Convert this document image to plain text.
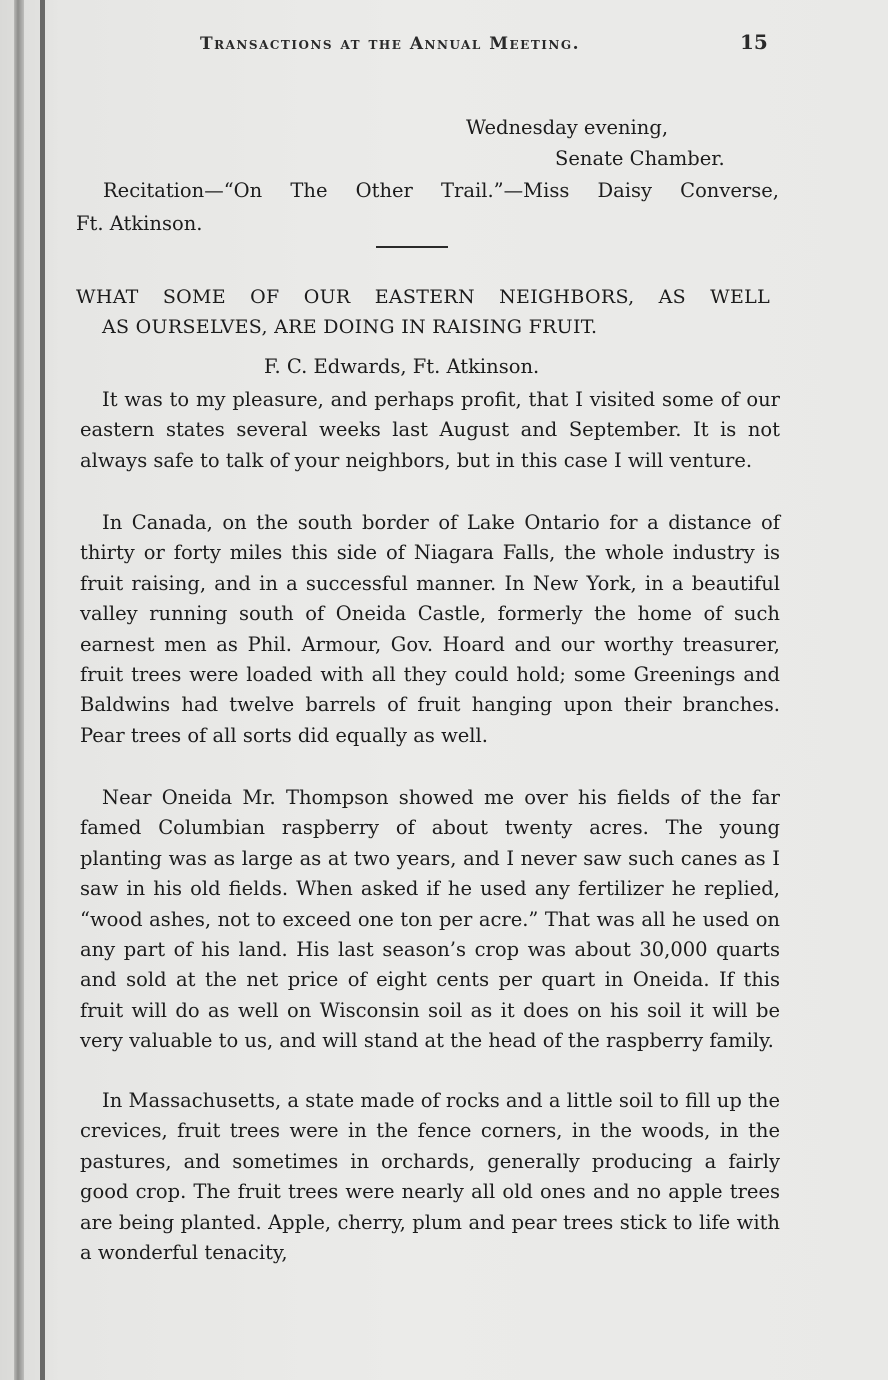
Transactions at the Annual Meeting.	15
Wednesday evening,
Senate Chamber.
Recitation—“On The Other Trail.”—Miss Daisy Converse,
Ft. Atkinson.
WHAT SOME OF OUR EASTERN NEIGHBORS, AS WELL
AS OURSELVES, ARE DOING IN RAISING FRUIT.
F. C. Edwards, Ft. Atkinson.

It was to my pleasure, and perhaps profit, that I visited some of our eastern states several weeks last August and September. It is not always safe to talk of your neighbors, but in this case I will venture.

In Canada, on the south border of Lake Ontario for a distance of thirty or forty miles this side of Niagara Falls, the whole industry is fruit raising, and in a successful manner. In New York, in a beautiful valley running south of Oneida Castle, formerly the home of such earnest men as Phil. Armour, Gov. Hoard and our worthy treasurer, fruit trees were loaded with all they could hold; some Greenings and Baldwins had twelve barrels of fruit hanging upon their branches. Pear trees of all sorts did equally as well.

Near Oneida Mr. Thompson showed me over his fields of the far famed Columbian raspberry of about twenty acres. The young planting was as large as at two years, and I never saw such canes as I saw in his old fields. When asked if he used any fertilizer he replied, “wood ashes, not to exceed one ton per acre.” That was all he used on any part of his land. His last season’s crop was about 30,000 quarts and sold at the net price of eight cents per quart in Oneida. If this fruit will do as well on Wisconsin soil as it does on his soil it will be very valuable to us, and will stand at the head of the raspberry family.

In Massachusetts, a state made of rocks and a little soil to fill up the crevices, fruit trees were in the fence corners, in the woods, in the pastures, and sometimes in orchards, generally producing a fairly good crop. The fruit trees were nearly all old ones and no apple trees are being planted. Apple, cherry, plum and pear trees stick to life with a wonderful tenacity,
